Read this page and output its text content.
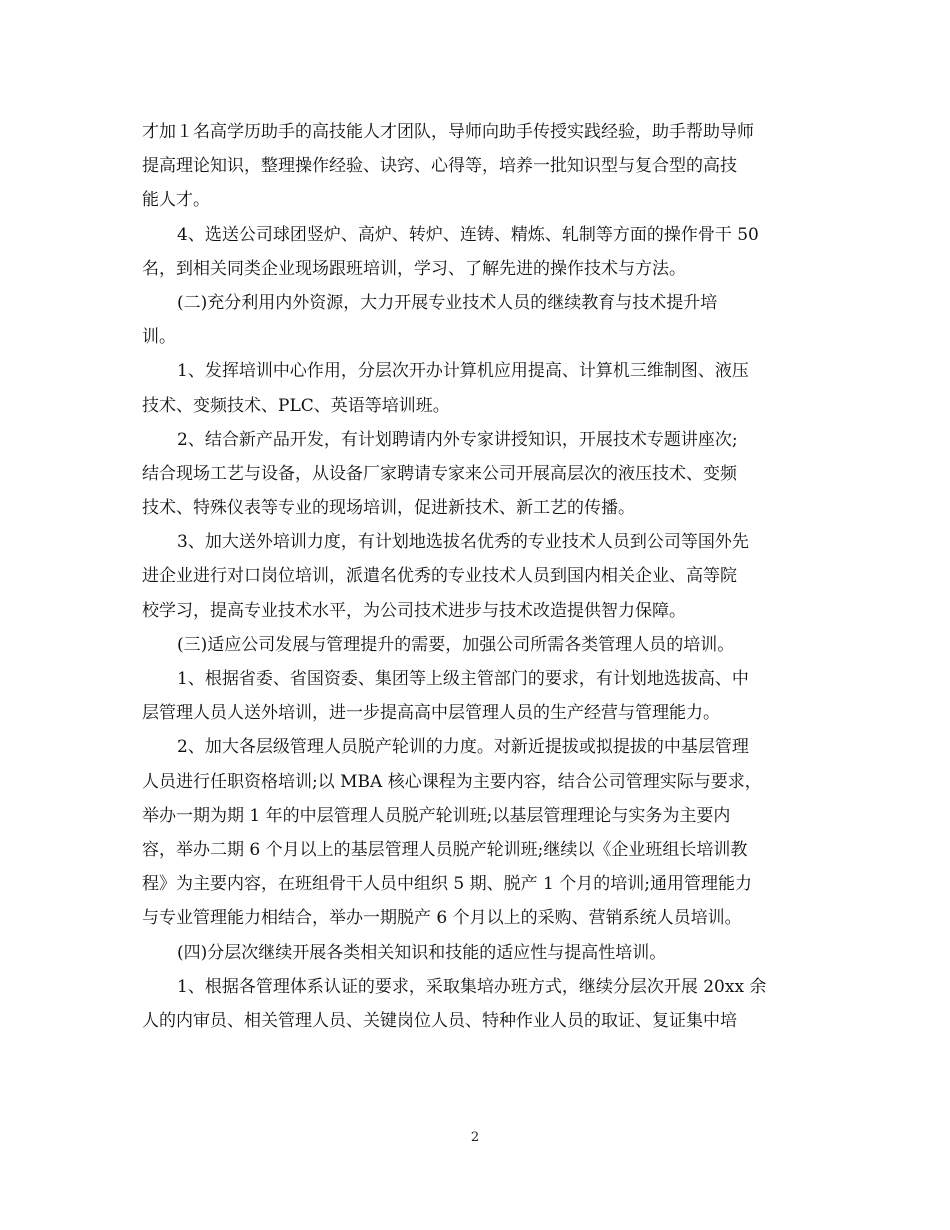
才加１名高学历助手的高技能人才团队，导师向助手传授实践经验，助手帮助导师
提高理论知识，整理操作经验、诀窍、心得等，培养一批知识型与复合型的高技
能人才。
4、选送公司球团竖炉、高炉、转炉、连铸、精炼、轧制等方面的操作骨干 50
名，到相关同类企业现场跟班培训，学习、了解先进的操作技术与方法。
(二)充分利用内外资源，大力开展专业技术人员的继续教育与技术提升培
训。
1、发挥培训中心作用，分层次开办计算机应用提高、计算机三维制图、液压
技术、变频技术、PLC、英语等培训班。
2、结合新产品开发，有计划聘请内外专家讲授知识，开展技术专题讲座次;
结合现场工艺与设备，从设备厂家聘请专家来公司开展高层次的液压技术、变频
技术、特殊仪表等专业的现场培训，促进新技术、新工艺的传播。
3、加大送外培训力度，有计划地选拔名优秀的专业技术人员到公司等国外先
进企业进行对口岗位培训，派遣名优秀的专业技术人员到国内相关企业、高等院
校学习，提高专业技术水平，为公司技术进步与技术改造提供智力保障。
(三)适应公司发展与管理提升的需要，加强公司所需各类管理人员的培训。
1、根据省委、省国资委、集团等上级主管部门的要求，有计划地选拔高、中
层管理人员人送外培训，进一步提高高中层管理人员的生产经营与管理能力。
2、加大各层级管理人员脱产轮训的力度。对新近提拔或拟提拔的中基层管理
人员进行任职资格培训;以 MBA 核心课程为主要内容，结合公司管理实际与要求，
举办一期为期 1 年的中层管理人员脱产轮训班;以基层管理理论与实务为主要内
容，举办二期 6 个月以上的基层管理人员脱产轮训班;继续以《企业班组长培训教
程》为主要内容，在班组骨干人员中组织 5 期、脱产 1 个月的培训;通用管理能力
与专业管理能力相结合，举办一期脱产 6 个月以上的采购、营销系统人员培训。
(四)分层次继续开展各类相关知识和技能的适应性与提高性培训。
1、根据各管理体系认证的要求，采取集培办班方式，继续分层次开展 20xx 余
人的内审员、相关管理人员、关键岗位人员、特种作业人员的取证、复证集中培
2
